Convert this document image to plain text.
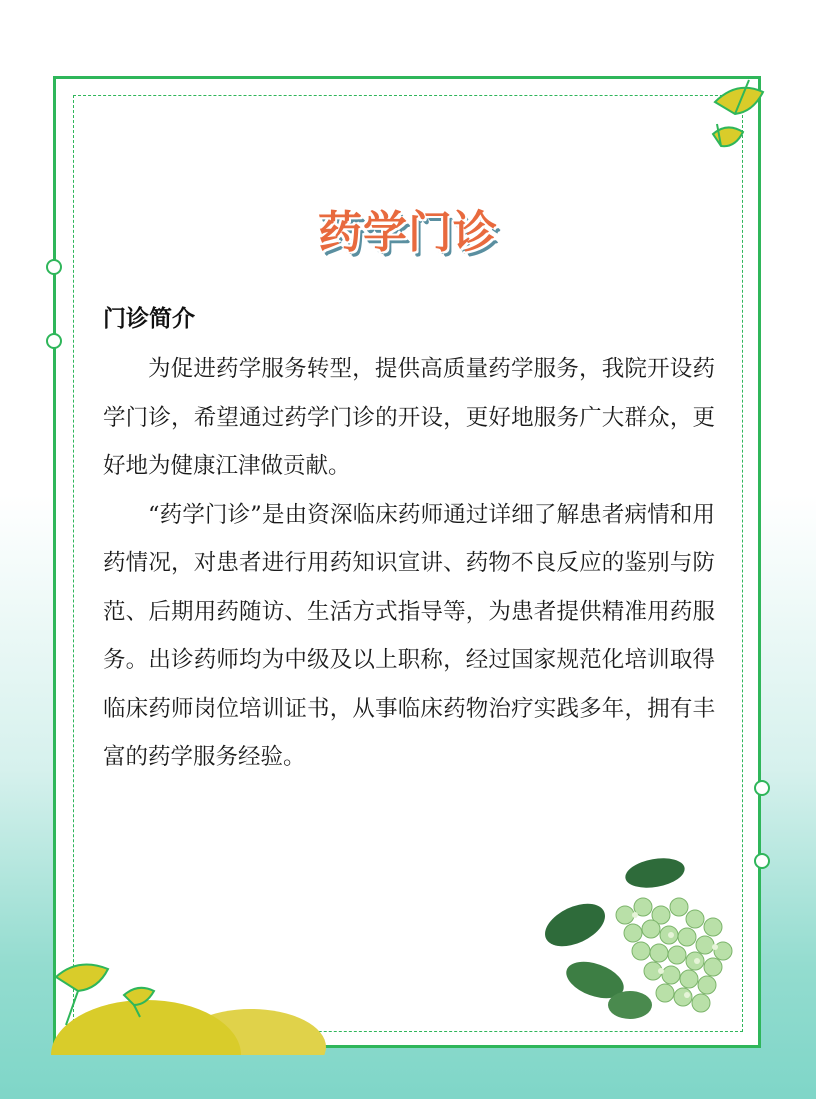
药学门诊
门诊简介

为促进药学服务转型，提供高质量药学服务，我院开设药学门诊，希望通过药学门诊的开设，更好地服务广大群众，更好地为健康江津做贡献。

“药学门诊”是由资深临床药师通过详细了解患者病情和用药情况，对患者进行用药知识宣讲、药物不良反应的鉴别与防范、后期用药随访、生活方式指导等，为患者提供精准用药服务。出诊药师均为中级及以上职称，经过国家规范化培训取得临床药师岗位培训证书，从事临床药物治疗实践多年，拥有丰富的药学服务经验。
